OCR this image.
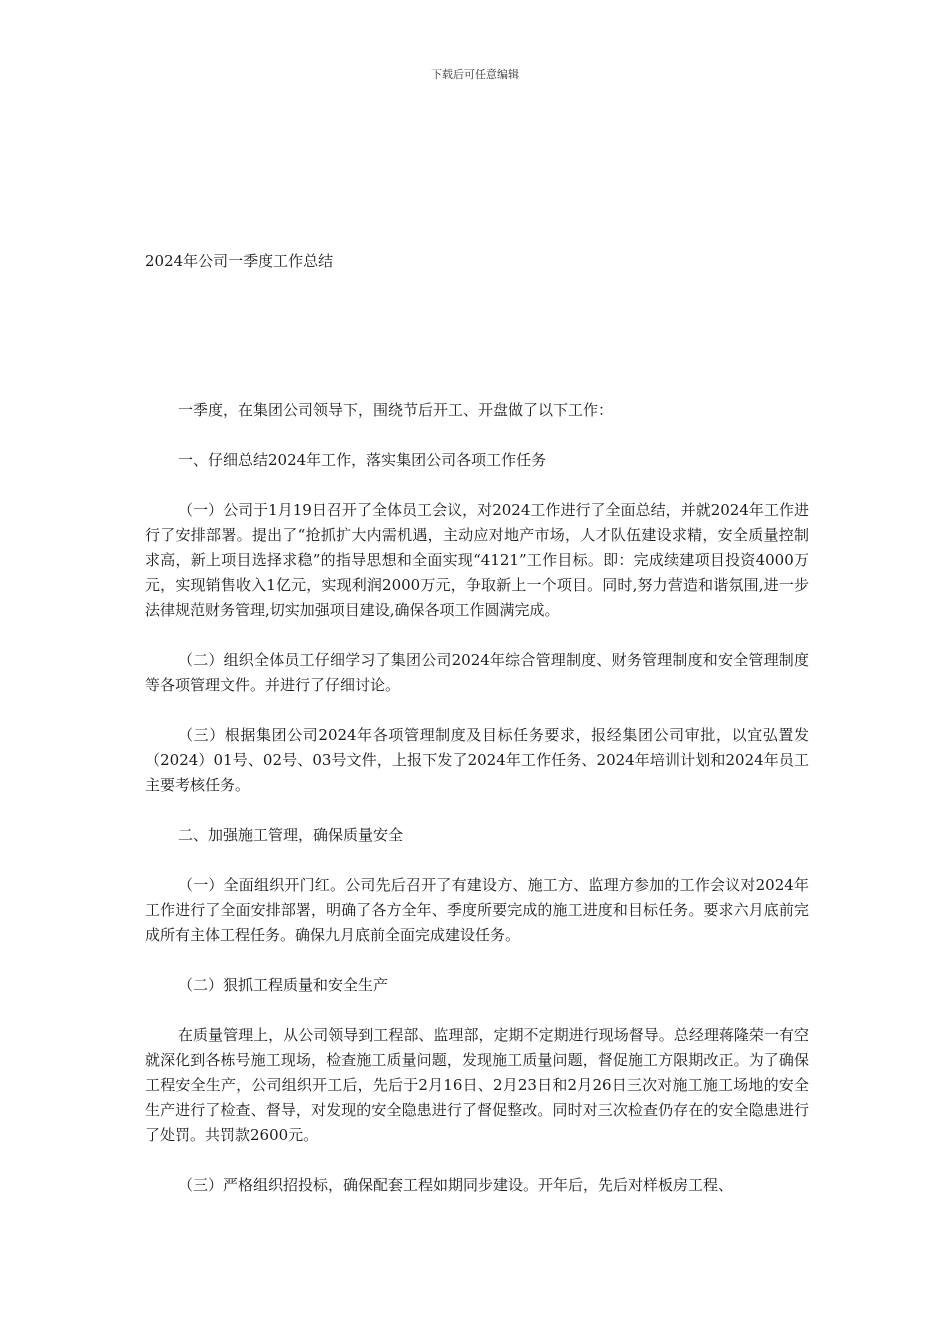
下载后可任意编辑
2024年公司一季度工作总结

一季度，在集团公司领导下，围绕节后开工、开盘做了以下工作：

一、仔细总结2024年工作，落实集团公司各项工作任务

（一）公司于1月19日召开了全体员工会议，对2024工作进行了全面总结，并就2024年工作进行了安排部署。提出了“抢抓扩大内需机遇，主动应对地产市场，人才队伍建设求精，安全质量控制求高，新上项目选择求稳”的指导思想和全面实现“4121”工作目标。即：完成续建项目投资4000万元，实现销售收入1亿元，实现利润2000万元，争取新上一个项目。同时,努力营造和谐氛围,进一步法律规范财务管理,切实加强项目建设,确保各项工作圆满完成。

（二）组织全体员工仔细学习了集团公司2024年综合管理制度、财务管理制度和安全管理制度等各项管理文件。并进行了仔细讨论。

（三）根据集团公司2024年各项管理制度及目标任务要求，报经集团公司审批，以宜弘置发（2024）01号、02号、03号文件，上报下发了2024年工作任务、2024年培训计划和2024年员工主要考核任务。

二、加强施工管理，确保质量安全

（一）全面组织开门红。公司先后召开了有建设方、施工方、监理方参加的工作会议对2024年工作进行了全面安排部署，明确了各方全年、季度所要完成的施工进度和目标任务。要求六月底前完成所有主体工程任务。确保九月底前全面完成建设任务。

（二）狠抓工程质量和安全生产

在质量管理上，从公司领导到工程部、监理部，定期不定期进行现场督导。总经理蒋隆荣一有空就深化到各栋号施工现场，检查施工质量问题，发现施工质量问题，督促施工方限期改正。为了确保工程安全生产，公司组织开工后，先后于2月16日、2月23日和2月26日三次对施工施工场地的安全生产进行了检查、督导，对发现的安全隐患进行了督促整改。同时对三次检查仍存在的安全隐患进行了处罚。共罚款2600元。

（三）严格组织招投标，确保配套工程如期同步建设。开年后，先后对样板房工程、
